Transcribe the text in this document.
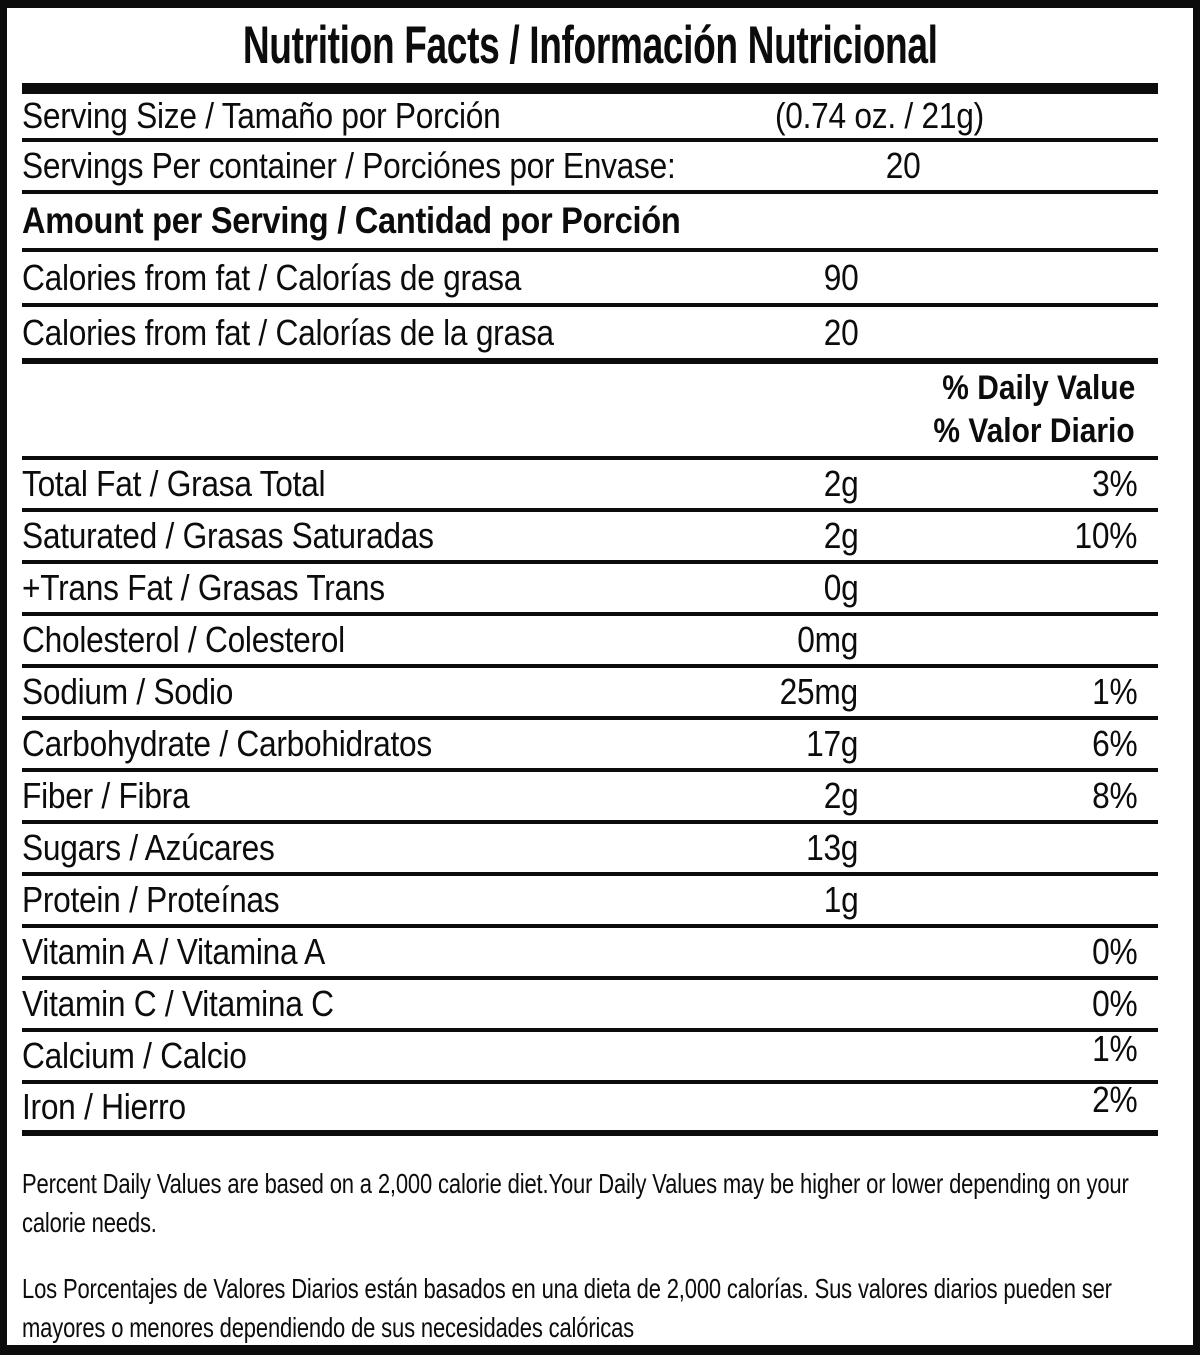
Nutrition Facts / Información Nutricional
Serving Size / Tamaño por Porción	(0.74 oz. / 21g)
Servings Per container / Porciónes por Envase:	20
Amount per Serving / Cantidad por Porción
Calories from fat / Calorías de grasa	90
Calories from fat / Calorías de la grasa	20
% Daily Value
% Valor Diario
Total Fat / Grasa Total	2g	3%
Saturated / Grasas Saturadas	2g	10%
+Trans Fat / Grasas Trans	0g
Cholesterol / Colesterol	0mg
Sodium / Sodio	25mg	1%
Carbohydrate / Carbohidratos	17g	6%
Fiber / Fibra	2g	8%
Sugars / Azúcares	13g
Protein / Proteínas	1g
Vitamin A / Vitamina A	0%
Vitamin C / Vitamina C	0%
Calcium / Calcio	1%
Iron / Hierro	2%

Percent Daily Values are based on a 2,000 calorie diet.Your Daily Values may be higher or lower depending on your calorie needs.

Los Porcentajes de Valores Diarios están basados en una dieta de 2,000 calorías. Sus valores diarios pueden ser mayores o menores dependiendo de sus necesidades calóricas
